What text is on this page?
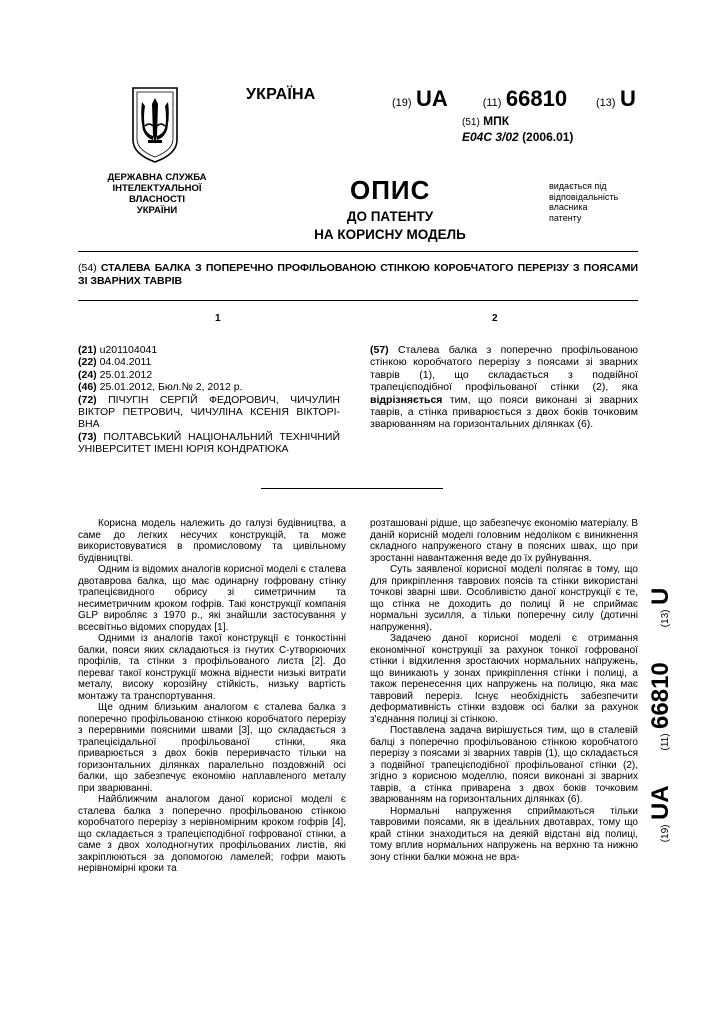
УКРАЇНА	(19) UA	(11) 66810	(13) U
(51) МПК
E04C 3/02 (2006.01)
ДЕРЖАВНА СЛУЖБА
ІНТЕЛЕКТУАЛЬНОЇ
ВЛАСНОСТІ
УКРАЇНИ
ОПИС
ДО ПАТЕНТУ
НА КОРИСНУ МОДЕЛЬ
видається під
відповідальність
власника
патенту
(54) СТАЛЕВА БАЛКА З ПОПЕРЕЧНО ПРОФІЛЬОВАНОЮ СТІНКОЮ КОРОБЧАТОГО ПЕРЕРІЗУ З ПОЯСАМИ ЗІ ЗВАРНИХ ТАВРІВ
1	2
(21) u201104041
(22) 04.04.2011
(24) 25.01.2012
(46) 25.01.2012, Бюл.№ 2, 2012 р.
(72) ПІЧУГІН СЕРГІЙ ФЕДОРОВИЧ, ЧИЧУЛИН
ВІКТОР ПЕТРОВИЧ, ЧИЧУЛІНА КСЕНІЯ ВІКТОРІ-
ВНА
(73) ПОЛТАВСЬКИЙ НАЦІОНАЛЬНИЙ ТЕХНІЧНИЙ
УНІВЕРСИТЕТ ІМЕНІ ЮРІЯ КОНДРАТЮКА
(57) Сталева балка з поперечно профільованою стінкою коробчатого перерізу з поясами зі зварних таврів (1), що складається з подвійної трапецієподібної профільованої стінки (2), яка відрізняється тим, що пояси виконані зі зварних таврів, а стінка приварюється з двох боків точковим зварюванням на горизонтальних ділянках (6).

Корисна модель належить до галузі будівництва, а саме до легких несучих конструкцій, та може використовуватися в промисловому та цивільному будівництві.

Одним із відомих аналогів корисної моделі є сталева двотаврова балка, що має одинарну гофровану стінку трапецієвидного обрису зі симетричним та несиметричним кроком гофрів. Такі конструкції компанія GLP виробляє з 1970 р., які знайшли застосування у всесвітньо відомих спорудах [1].

Одними із аналогів такої конструкції є тонкостінні балки, пояси яких складаються із гнутих С-утворюючих профілів, та стінки з профільованого листа [2]. До переваг такої конструкції можна віднести низькі витрати металу, високу корозійну стійкість, низьку вартість монтажу та транспортування.

Ще одним близьким аналогом є сталева балка з поперечно профільованою стінкою коробчатого перерізу з перервними поясними швами [3], що складається з трапецієідальної профільованої стінки, яка приварюється з двох боків переривчасто тільки на горизонтальних ділянках паралельно поздовжній осі балки, що забезпечує економію наплавленого металу при зварюванні.

Найближчим аналогом даної корисної моделі є сталева балка з поперечно профільованою стінкою коробчатого перерізу з нерівномірним кроком гофрів [4], що складається з трапецієподібної гофрованої стінки, а саме з двох холодногнутих профільованих листів, які закріплюються за допомогою ламелей; гофри мають нерівномірні кроки та

розташовані рідше, що забезпечує економію матеріалу. В даній корисній моделі головним недоліком є виникнення складного напруженого стану в поясних швах, що при зростанні навантаження веде до їх руйнування.

Суть заявленої корисної моделі полягає в тому, що для прикріплення таврових поясів та стінки використані точкові зварні шви. Особливістю даної конструкції є те, що стінка не доходить до полиці й не сприймає нормальні зусилля, а тільки поперечну силу (дотичні напруження).

Задачею даної корисної моделі є отримання економічної конструкції за рахунок тонкої гофрованої стінки і відхилення зростаючих нормальних напружень, що виникають у зонах прикріплення стінки і полиці, а також перенесення цих напружень на полицю, яка має тавровий переріз. Існує необхідність забезпечити деформативність стінки вздовж осі балки за рахунок з'єднання полиці зі стінкою.

Поставлена задача вирішується тим, що в сталевій балці з поперечно профільованою стінкою коробчатого перерізу з поясами зі зварних таврів (1), що складається з подвійної трапецієподібної профільованої стінки (2), згідно з корисною моделлю, пояси виконані зі зварних таврів, а стінка приварена з двох боків точковим зварюванням на горизонтальних ділянках (6).

Нормальні напруження сприймаються тільки тавровими поясами, як в ідеальних двотаврах, тому що край стінки знаходиться на деякій відстані від полиці, тому вплив нормальних напружень на верхню та нижню зону стінки балки можна не вра-

(19) UA  (11) 66810  (13) U
